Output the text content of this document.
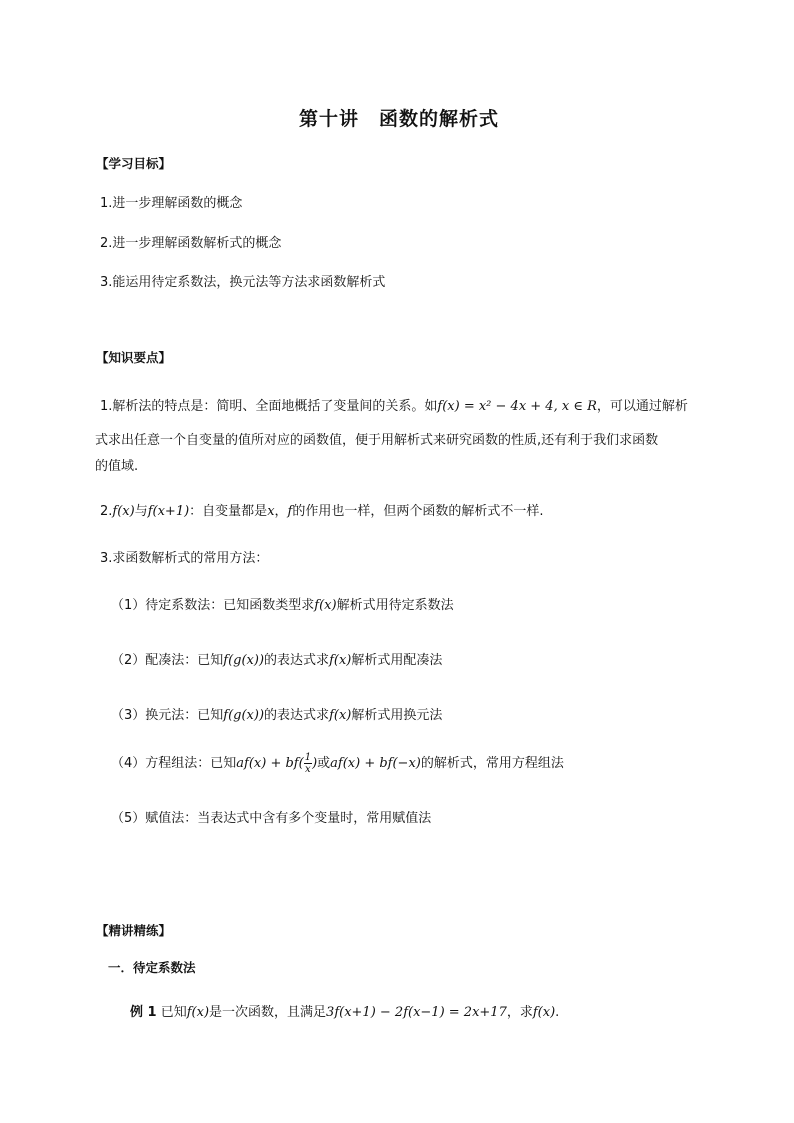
第十讲　函数的解析式
【学习目标】
1.进一步理解函数的概念
2.进一步理解函数解析式的概念
3.能运用待定系数法，换元法等方法求函数解析式
【知识要点】
1.解析法的特点是：简明、全面地概括了变量间的关系。如f(x) = x² − 4x + 4, x ∈ R，可以通过解析
式求出任意一个自变量的值所对应的函数值，便于用解析式来研究函数的性质,还有利于我们求函数
的值域.
2.f(x)与f(x+1)：自变量都是x，f的作用也一样，但两个函数的解析式不一样.
3.求函数解析式的常用方法：
（1）待定系数法：已知函数类型求f(x)解析式用待定系数法
（2）配凑法：已知f(g(x))的表达式求f(x)解析式用配凑法
（3）换元法：已知f(g(x))的表达式求f(x)解析式用换元法
（4）方程组法：已知$af(x) + bf( \frac{1}{x}$ )或af(x) + bf(−x)的解析式，常用方程组法
（5）赋值法：当表达式中含有多个变量时，常用赋值法
【精讲精练】
一．待定系数法
例 1 已知f(x)是一次函数，且满足3f(x+1) − 2f(x−1) = 2x+17，求f(x).
